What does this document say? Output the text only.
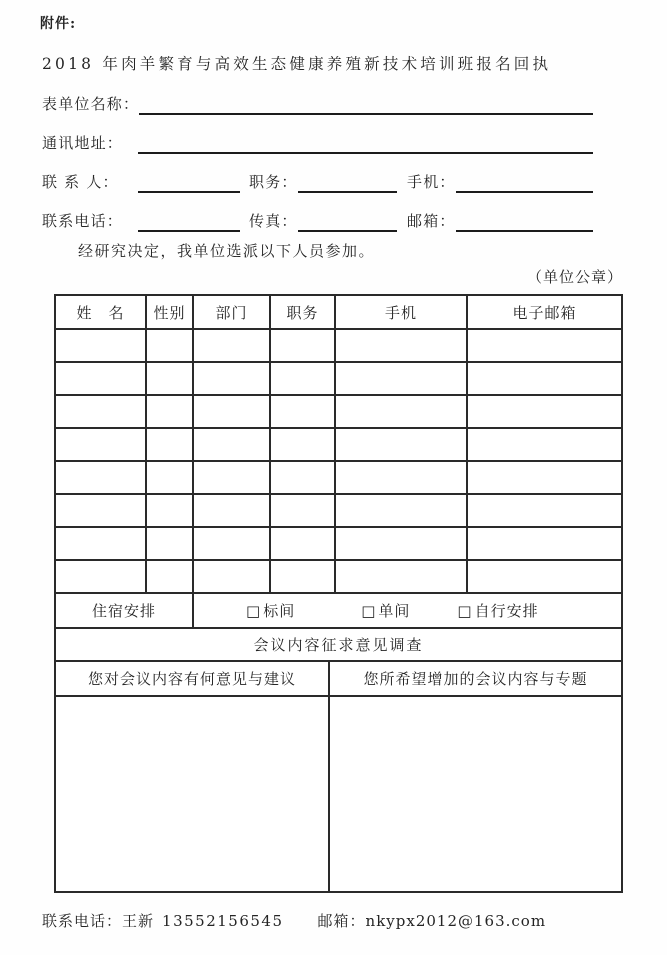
附件:
2018 年肉羊繁育与高效生态健康养殖新技术培训班报名回执
表单位名称：
通讯地址：
联 系 人：	职务：	手机：
联系电话：	传真：	邮箱：
经研究决定，我单位选派以下人员参加。
（单位公章）
姓　名	性别	部门	职务	手机	电子邮箱
住宿安排	□ 标间	□ 单间	□ 自行安排
会议内容征求意见调查
您对会议内容有何意见与建议	您所希望增加的会议内容与专题
联系电话： 王新 13552156545 邮箱： nkypx2012@163.com
